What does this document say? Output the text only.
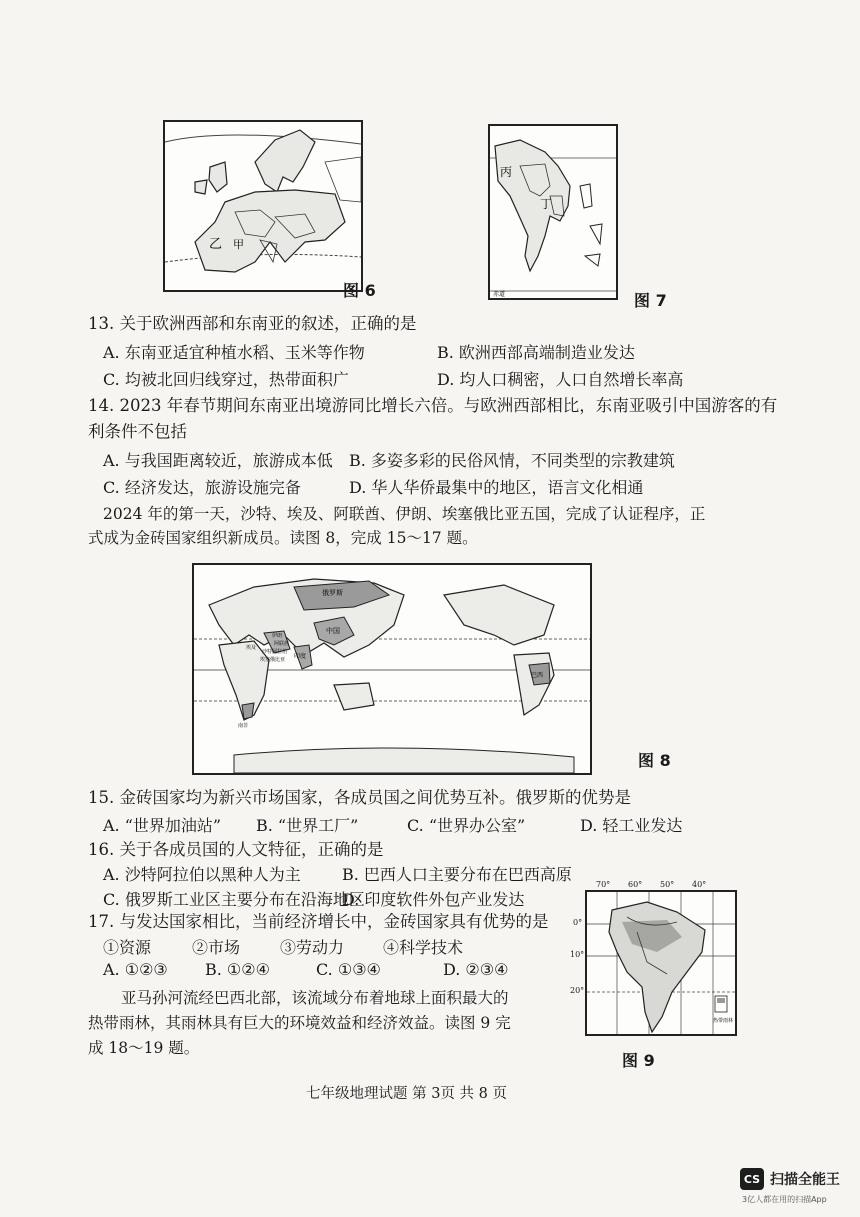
乙 甲
图 6
丙
丁
赤道	图 7
13. 关于欧洲西部和东南亚的叙述，正确的是
A. 东南亚适宜种植水稻、玉米等作物	B. 欧洲西部高端制造业发达
C. 均被北回归线穿过，热带面积广	D. 均人口稠密，人口自然增长率高
14. 2023 年春节期间东南亚出境游同比增长六倍。与欧洲西部相比，东南亚吸引中国游客的有
利条件不包括
A. 与我国距离较近，旅游成本低 B. 多姿多彩的民俗风情，不同类型的宗教建筑
C. 经济发达，旅游设施完备	D. 华人华侨最集中的地区，语言文化相通
2024 年的第一天，沙特、埃及、阿联酋、伊朗、埃塞俄比亚五国，完成了认证程序，正
式成为金砖国家组织新成员。读图 8，完成 15～17 题。
俄罗斯
中国
印度
巴西
南非
伊朗
阿联酋
沙特阿拉伯
埃及
埃塞俄比亚
图 8
15. 金砖国家均为新兴市场国家，各成员国之间优势互补。俄罗斯的优势是
A. “世界加油站” B. “世界工厂”	C. “世界办公室”	D. 轻工业发达
16. 关于各成员国的人文特征，正确的是
A. 沙特阿拉伯以黑种人为主	B. 巴西人口主要分布在巴西高原
C. 俄罗斯工业区主要分布在沿海地区
D. 印度软件外包产业发达
17. 与发达国家相比，当前经济增长中，金砖国家具有优势的是
①资源	②市场 ③劳动力 ④科学技术
A. ①②③ B. ①②④	C. ①③④	D. ②③④
亚马孙河流经巴西北部，该流域分布着地球上面积最大的
热带雨林，其雨林具有巨大的环境效益和经济效益。读图 9 完
成 18～19 题。
热带雨林
70° 60° 50° 40°
0°
10°
20°
图 9
七年级地理试题 第 3页 共 8 页
CS 扫描全能王
3亿人都在用的扫描App
